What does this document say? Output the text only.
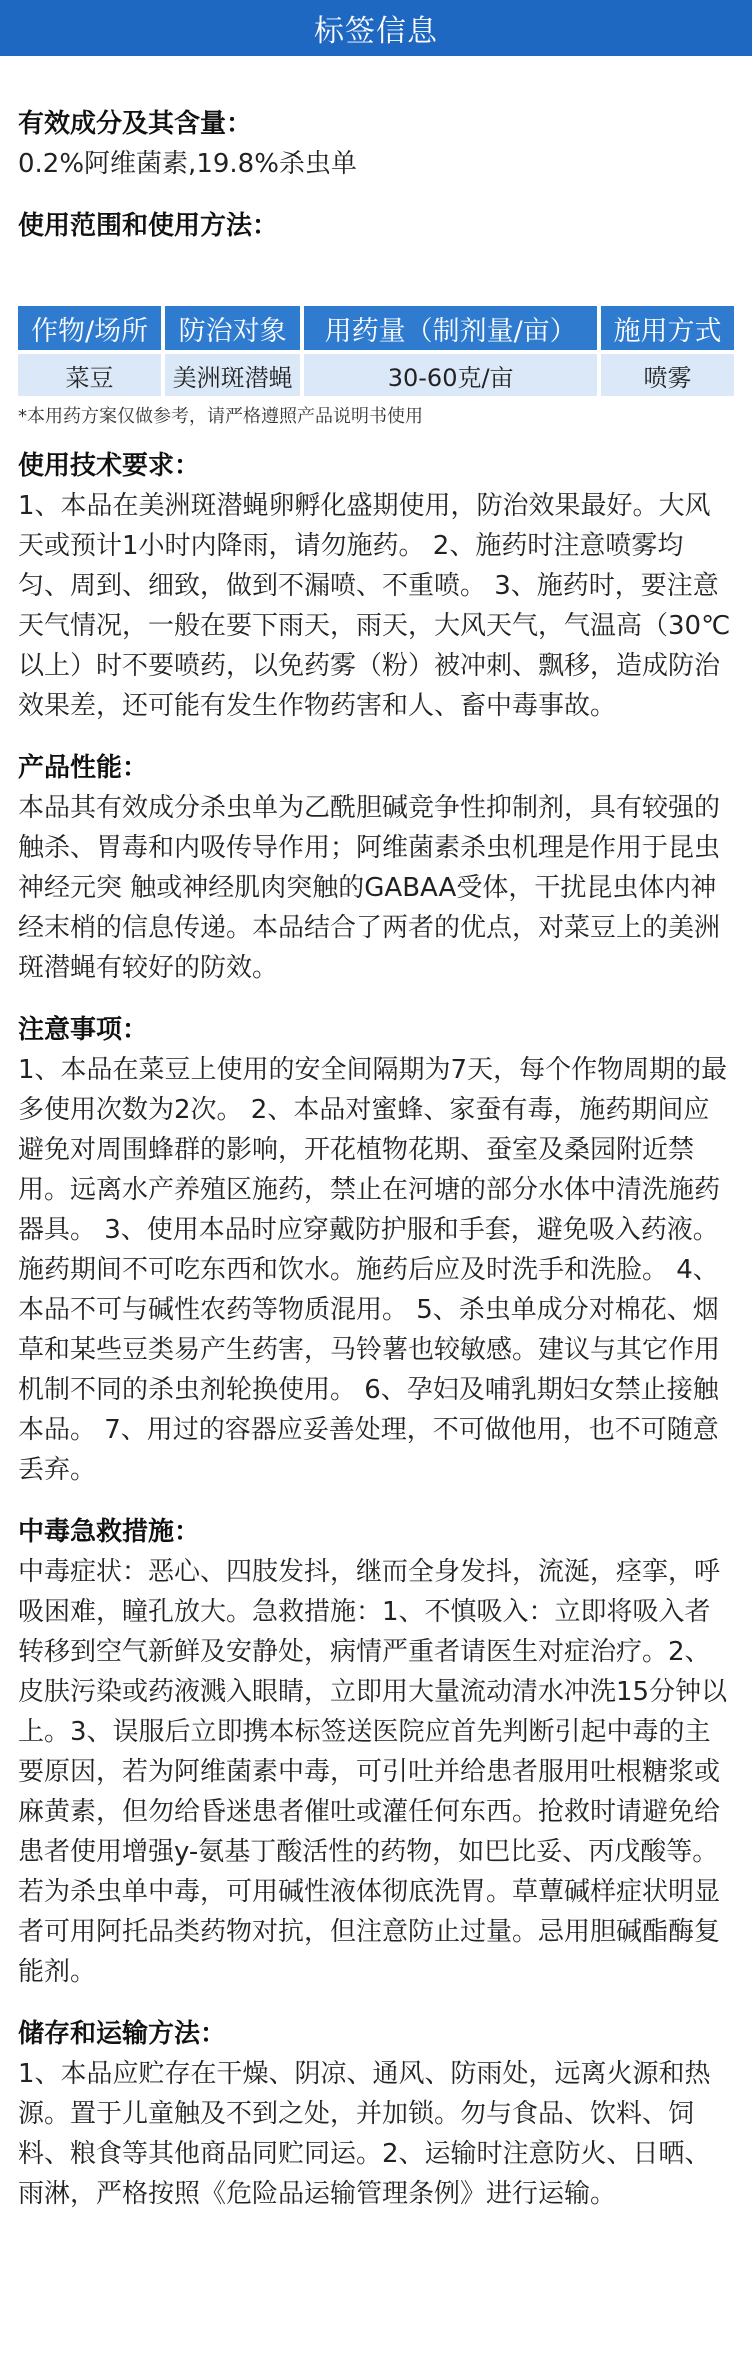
标签信息

有效成分及其含量：

0.2%阿维菌素,19.8%杀虫单

使用范围和使用方法：

作物/场所	防治对象	用药量（制剂量/亩）	施用方式
菜豆	美洲斑潜蝇	30-60克/亩	喷雾

*本用药方案仅做参考，请严格遵照产品说明书使用

使用技术要求：

1、本品在美洲斑潜蝇卵孵化盛期使用，防治效果最好。大风天或预计1小时内降雨，请勿施药。 2、施药时注意喷雾均匀、周到、细致，做到不漏喷、不重喷。 3、施药时，要注意天气情况，一般在要下雨天，雨天，大风天气，气温高（30℃以上）时不要喷药，以免药雾（粉）被冲刺、飘移，造成防治效果差，还可能有发生作物药害和人、畜中毒事故。

产品性能：

本品其有效成分杀虫单为乙酰胆碱竞争性抑制剂，具有较强的触杀、胃毒和内吸传导作用；阿维菌素杀虫机理是作用于昆虫神经元突 触或神经肌肉突触的GABAA受体，干扰昆虫体内神经末梢的信息传递。本品结合了两者的优点，对菜豆上的美洲斑潜蝇有较好的防效。

注意事项：

1、本品在菜豆上使用的安全间隔期为7天，每个作物周期的最多使用次数为2次。 2、本品对蜜蜂、家蚕有毒，施药期间应避免对周围蜂群的影响，开花植物花期、蚕室及桑园附近禁用。远离水产养殖区施药，禁止在河塘的部分水体中清洗施药器具。 3、使用本品时应穿戴防护服和手套，避免吸入药液。施药期间不可吃东西和饮水。施药后应及时洗手和洗脸。 4、本品不可与碱性农药等物质混用。 5、杀虫单成分对棉花、烟草和某些豆类易产生药害，马铃薯也较敏感。建议与其它作用机制不同的杀虫剂轮换使用。 6、孕妇及哺乳期妇女禁止接触本品。 7、用过的容器应妥善处理，不可做他用，也不可随意丢弃。

中毒急救措施：

中毒症状：恶心、四肢发抖，继而全身发抖，流涎，痉挛，呼吸困难，瞳孔放大。急救措施：1、不慎吸入：立即将吸入者转移到空气新鲜及安静处，病情严重者请医生对症治疗。2、皮肤污染或药液溅入眼睛，立即用大量流动清水冲洗15分钟以上。3、误服后立即携本标签送医院应首先判断引起中毒的主要原因，若为阿维菌素中毒，可引吐并给患者服用吐根糖浆或麻黄素，但勿给昏迷患者催吐或灌任何东西。抢救时请避免给患者使用增强y-氨基丁酸活性的药物，如巴比妥、丙戊酸等。若为杀虫单中毒，可用碱性液体彻底洗胃。草蕈碱样症状明显者可用阿托品类药物对抗，但注意防止过量。忌用胆碱酯酶复能剂。

储存和运输方法：

1、本品应贮存在干燥、阴凉、通风、防雨处，远离火源和热源。置于儿童触及不到之处，并加锁。勿与食品、饮料、饲料、粮食等其他商品同贮同运。2、运输时注意防火、日晒、雨淋，严格按照《危险品运输管理条例》进行运输。
